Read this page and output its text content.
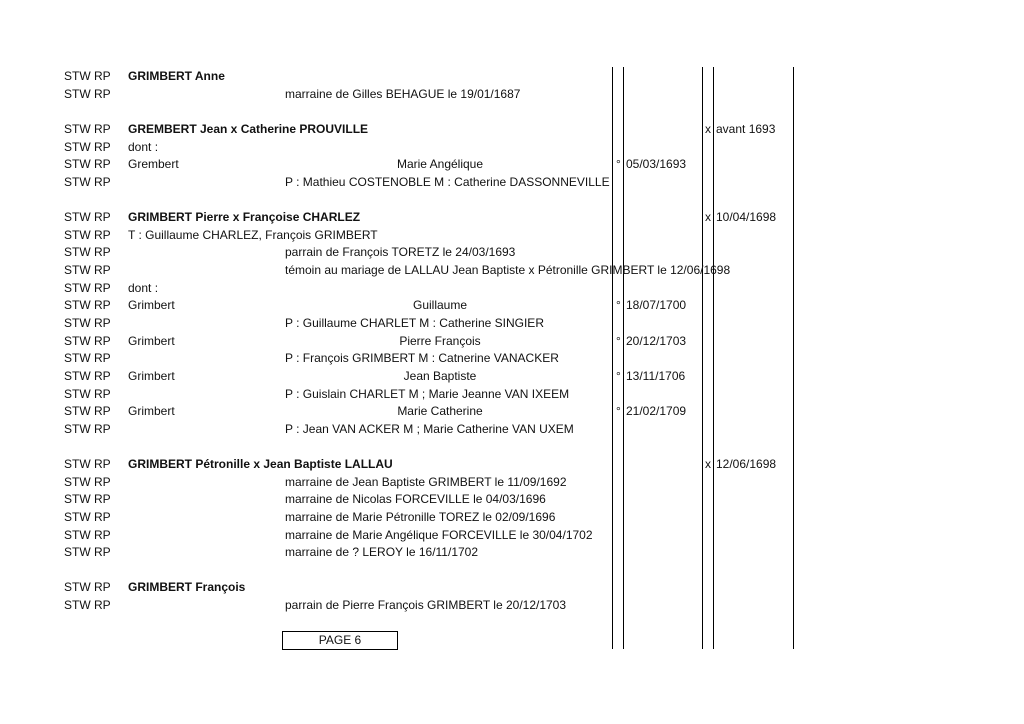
STW RP GRIMBERT Anne
STW RP	marraine de Gilles BEHAGUE le 19/01/1687
STW RP GREMBERT Jean x Catherine PROUVILLE	x avant 1693
STW RP dont :
STW RP Grembert	Marie Angélique	° 05/03/1693
STW RP	P : Mathieu COSTENOBLE M : Catherine DASSONNEVILLE
STW RP GRIMBERT Pierre x Françoise CHARLEZ	x 10/04/1698
STW RP T : Guillaume CHARLEZ, François GRIMBERT
STW RP	parrain de François TORETZ le 24/03/1693
STW RP	témoin au mariage de LALLAU Jean Baptiste x Pétronille GRIMBERT le 12/06/1698
STW RP dont :
STW RP Grimbert	Guillaume	° 18/07/1700
STW RP	P : Guillaume CHARLET M : Catherine SINGIER
STW RP Grimbert	Pierre François	° 20/12/1703
STW RP	P : François GRIMBERT M : Catnerine VANACKER
STW RP Grimbert	Jean Baptiste	° 13/11/1706
STW RP	P : Guislain CHARLET M ; Marie Jeanne VAN IXEEM
STW RP Grimbert	Marie Catherine	° 21/02/1709
STW RP	P : Jean VAN ACKER M ; Marie Catherine VAN UXEM
STW RP GRIMBERT Pétronille x Jean Baptiste LALLAU	x 12/06/1698
STW RP	marraine de Jean Baptiste GRIMBERT le 11/09/1692
STW RP	marraine de Nicolas FORCEVILLE le 04/03/1696
STW RP	marraine de Marie Pétronille TOREZ le 02/09/1696
STW RP	marraine de Marie Angélique FORCEVILLE le 30/04/1702
STW RP	marraine de ? LEROY le 16/11/1702
STW RP GRIMBERT François
STW RP	parrain de Pierre François GRIMBERT le 20/12/1703
PAGE 6
